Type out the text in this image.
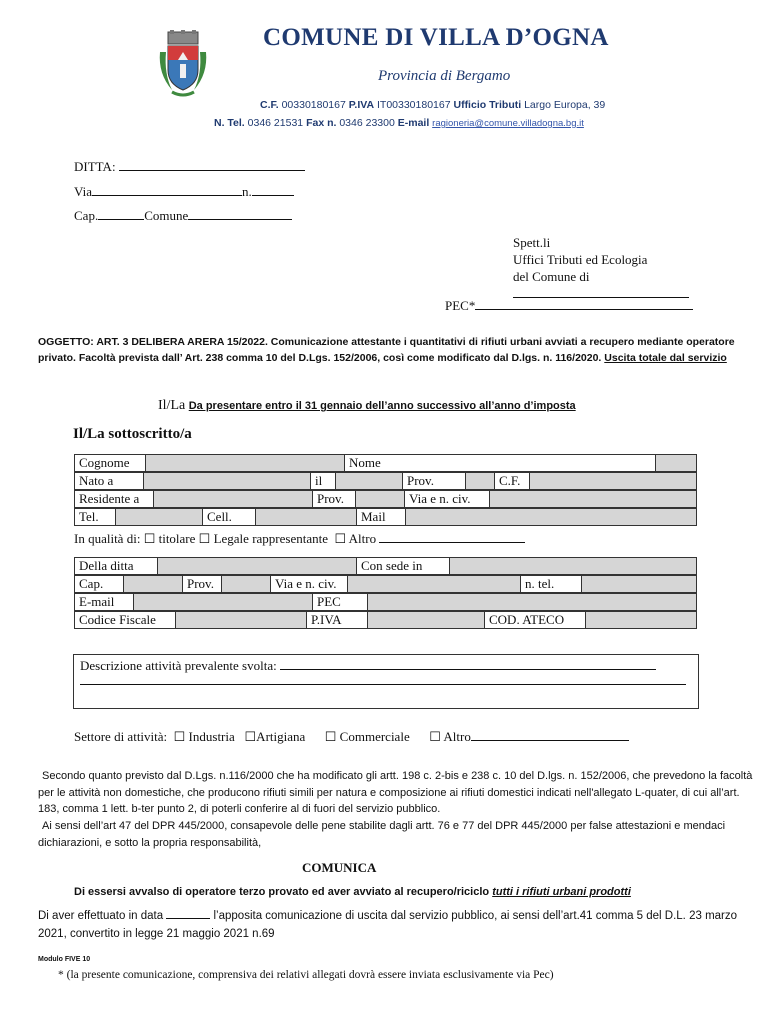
COMUNE DI VILLA D’OGNA
Provincia di Bergamo
C.F. 00330180167 P.IVA IT00330180167 Ufficio Tributi Largo Europa, 39
N. Tel. 0346 21531 Fax n. 0346 23300 E-mail ragioneria@comune.villadogna.bg.it
DITTA:
Via	n.
Cap.	Comune
Spett.li
Uffici Tributi ed Ecologia
del Comune di
PEC*
OGGETTO: ART. 3 DELIBERA ARERA 15/2022. Comunicazione attestante i quantitativi di rifiuti urbani avviati a recupero mediante operatore privato. Facoltà prevista dall’ Art. 238 comma 10 del D.Lgs. 152/2006, così come modificato dal D.lgs. n. 116/2020. Uscita totale dal servizio
Il/La Da presentare entro il 31 gennaio dell’anno successivo all’anno d’imposta
Il/La sottoscritto/a
Cognome		Nome	
Nato a		il		Prov.		C.F.	
Residente a		Prov.		Via e n. civ.	
Tel.		Cell.		Mail	
In qualità di: ☐ titolare ☐ Legale rappresentante ☐ Altro
Della ditta		Con sede in	
Cap.		Prov.		Via e n. civ.		n. tel.	
E-mail		PEC	
Codice Fiscale		P.IVA		COD. ATECO	
Descrizione attività prevalente svolta:
Settore di attività: ☐ Industria ☐Artigiana ☐ Commerciale ☐ Altro
Secondo quanto previsto dal D.Lgs. n.116/2000 che ha modificato gli artt. 198 c. 2-bis e 238 c. 10 del D.lgs. n. 152/2006, che prevedono la facoltà per le attività non domestiche, che producono rifiuti simili per natura e composizione ai rifiuti domestici indicati nell'allegato L-quater, di cui all’art. 183, comma 1 lett. b-ter punto 2, di poterli conferire al di fuori del servizio pubblico.
Ai sensi dell’art 47 del DPR 445/2000, consapevole delle pene stabilite dagli artt. 76 e 77 del DPR 445/2000 per false attestazioni e mendaci dichiarazioni, e sotto la propria responsabilità,
COMUNICA
Di essersi avvalso di operatore terzo provato ed aver avviato al recupero/riciclo tutti i rifiuti urbani prodotti
Di aver effettuato in data	l’apposita comunicazione di uscita dal servizio pubblico, ai sensi dell’art.41 comma 5 del D.L. 23 marzo 2021, convertito in legge 21 maggio 2021 n.69
Modulo FIVE 10
* (la presente comunicazione, comprensiva dei relativi allegati dovrà essere inviata esclusivamente via Pec)
